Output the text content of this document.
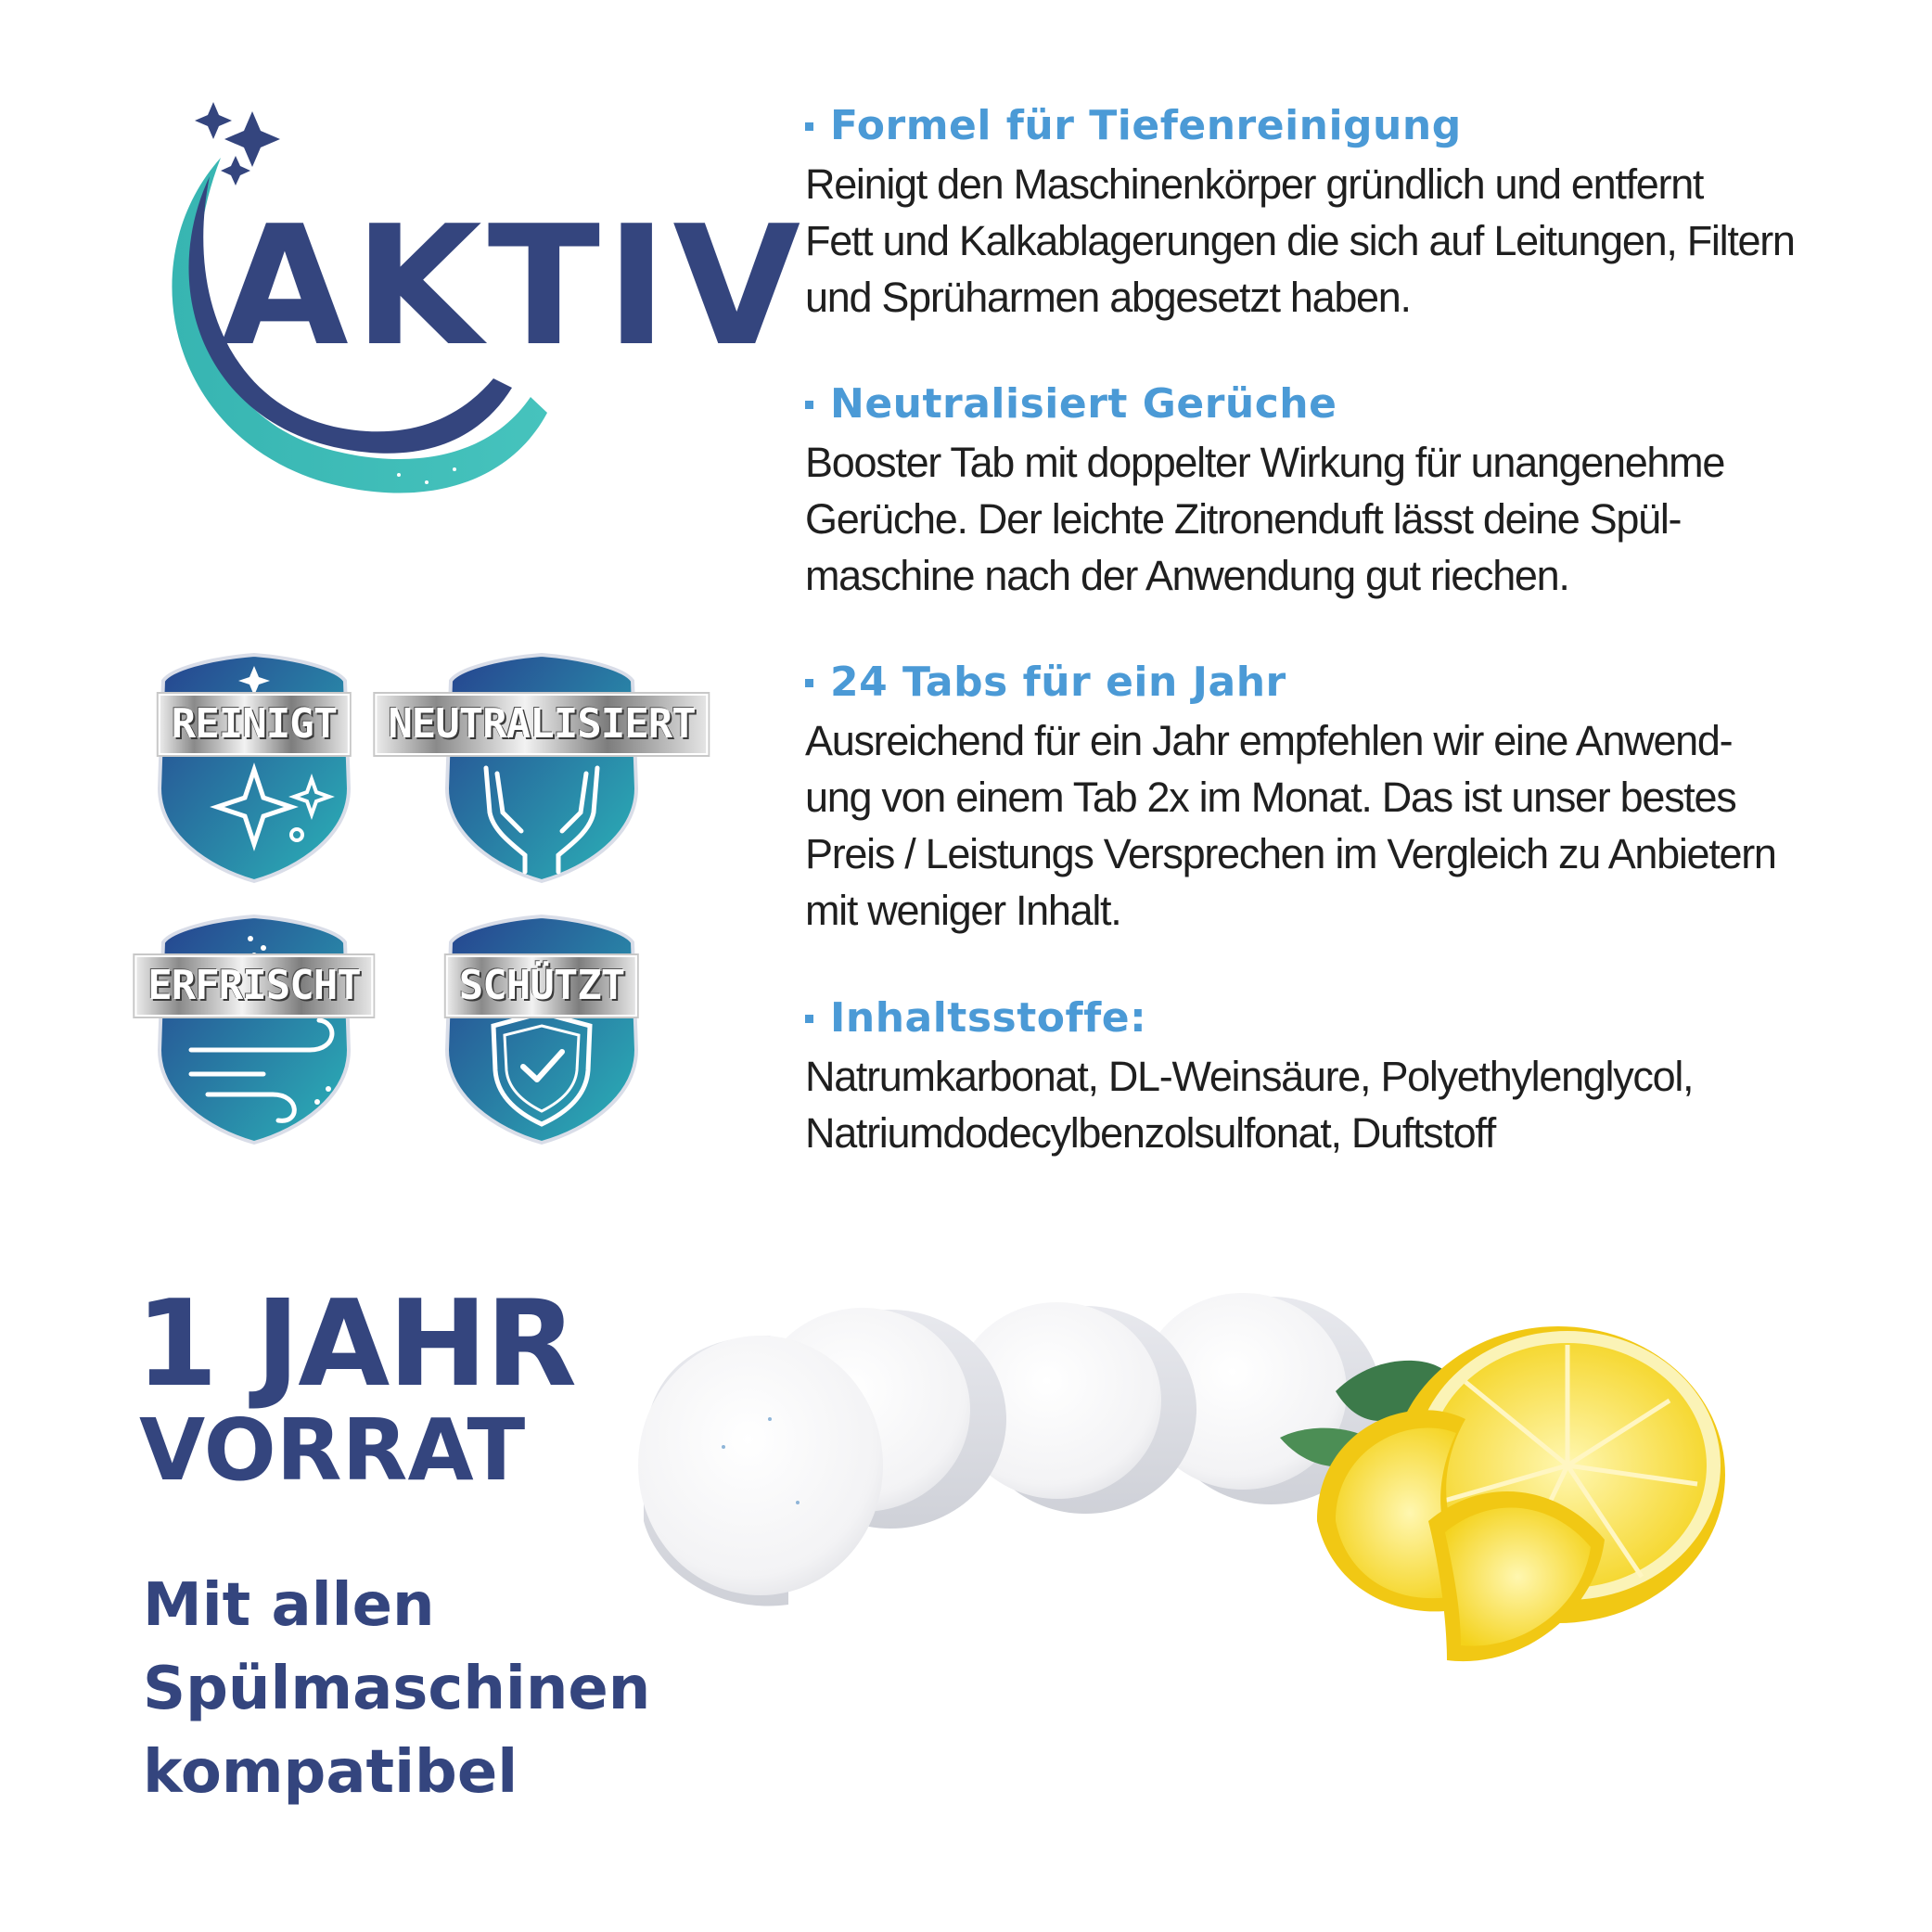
AKTIV
Formel für Tiefenreinigung

Reinigt den Maschinenkörper gründlich und entfernt
Fett und Kalkablagerungen die sich auf Leitungen, Filtern
und Sprüharmen abgesetzt haben.

Neutralisiert Gerüche

Booster Tab mit doppelter Wirkung für unangenehme
Gerüche. Der leichte Zitronenduft lässt deine Spül-
maschine nach der Anwendung gut riechen.

24 Tabs für ein Jahr

Ausreichend für ein Jahr empfehlen wir eine Anwend-
ung von einem Tab 2x im Monat. Das ist unser bestes
Preis / Leistungs Versprechen im Vergleich zu Anbietern
mit weniger Inhalt.

Inhaltsstoffe:

Natrumkarbonat, DL-Weinsäure, Polyethylenglycol,
Natriumdodecylbenzolsulfonat, Duftstoff

REINIGT	NEUTRALISIERT
ERFRISCHT	SCHÜTZT
1 JAHR
VORRAT
Mit allen
Spülmaschinen
kompatibel
